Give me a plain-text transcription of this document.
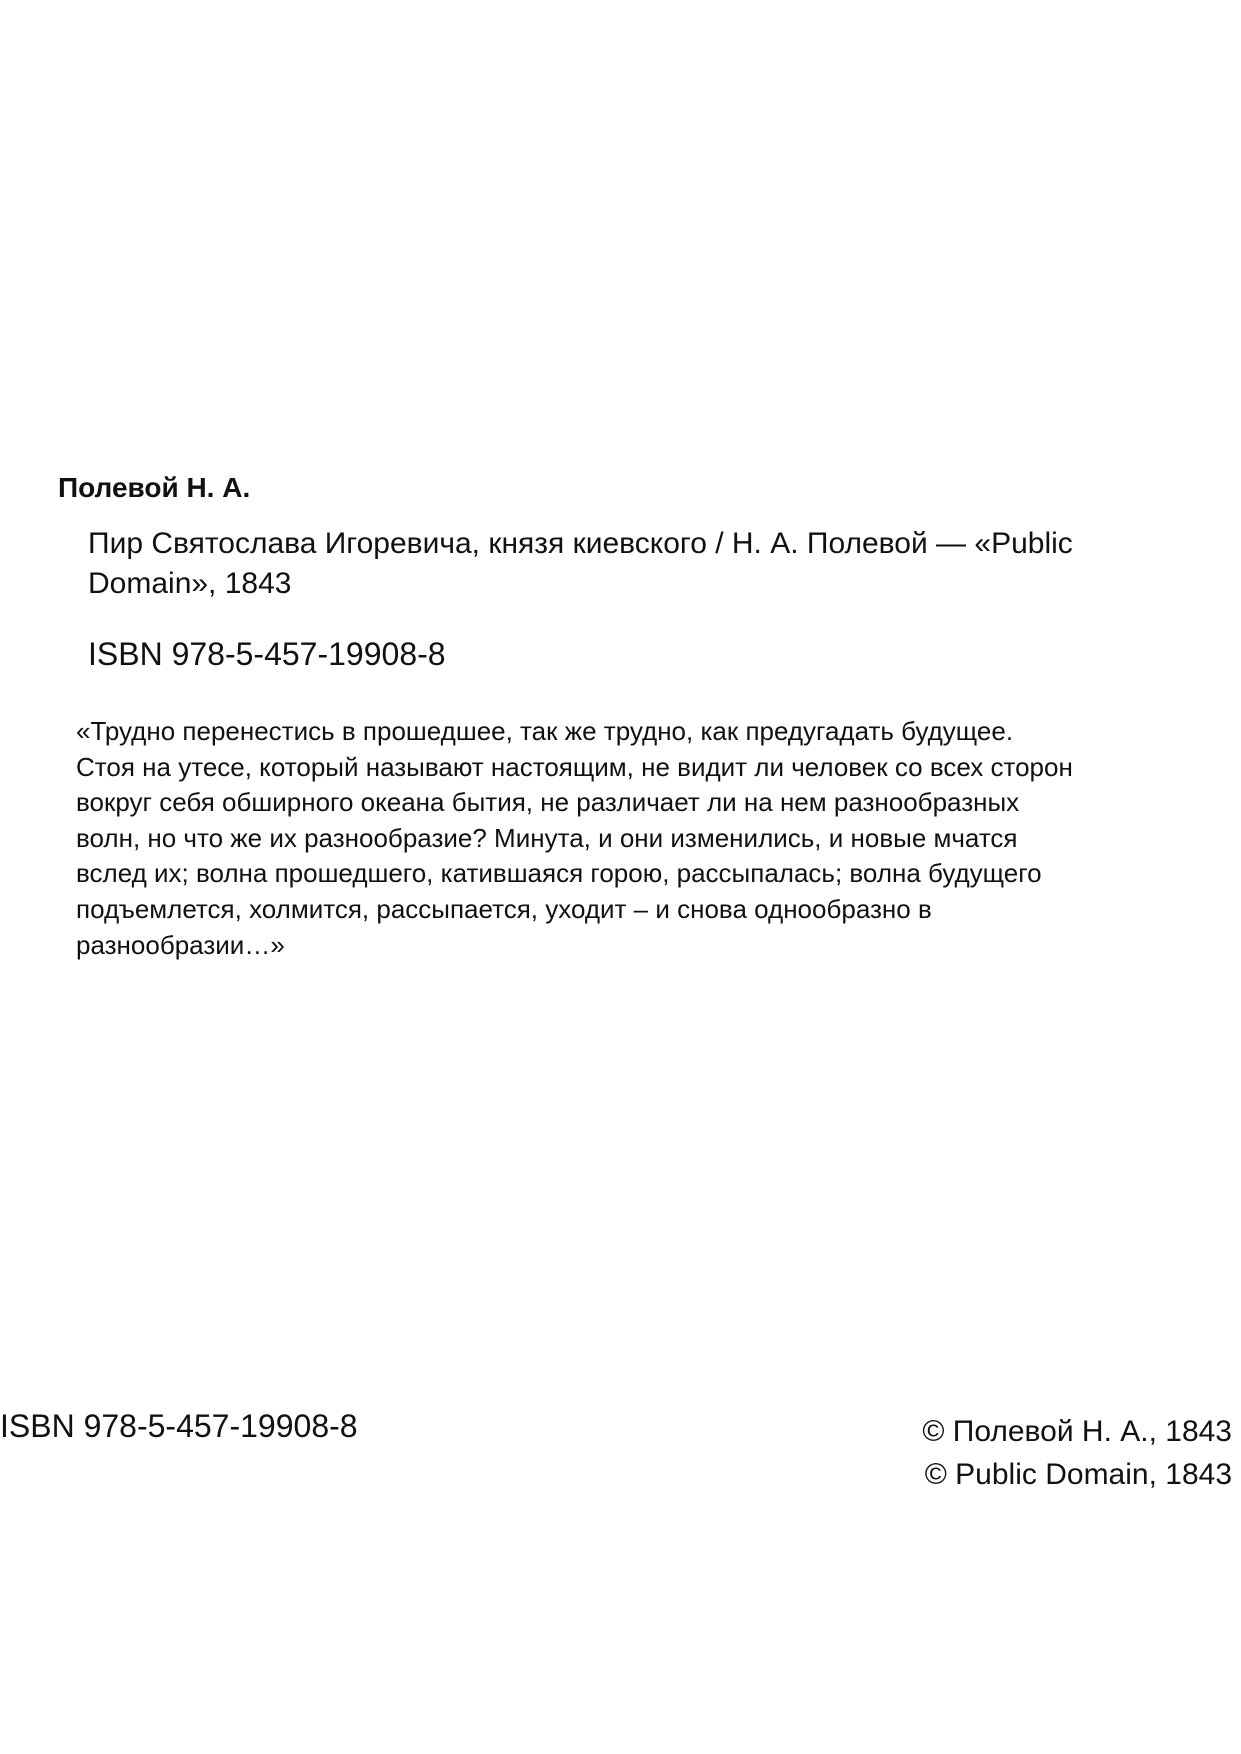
Полевой Н. А.
Пир Святослава Игоревича, князя киевского / Н. А. Полевой — «Public
Domain», 1843
ISBN 978-5-457-19908-8
«Трудно перенестись в прошедшее, так же трудно, как предугадать будущее.
Стоя на утесе, который называют настоящим, не видит ли человек со всех сторон
вокруг себя обширного океана бытия, не различает ли на нем разнообразных
волн, но что же их разнообразие? Минута, и они изменились, и новые мчатся
вслед их; волна прошедшего, катившаяся горою, рассыпалась; волна будущего
подъемлется, холмится, рассыпается, уходит – и снова однообразно в
разнообразии…»
ISBN 978-5-457-19908-8	© Полевой Н. А., 1843
© Public Domain, 1843
